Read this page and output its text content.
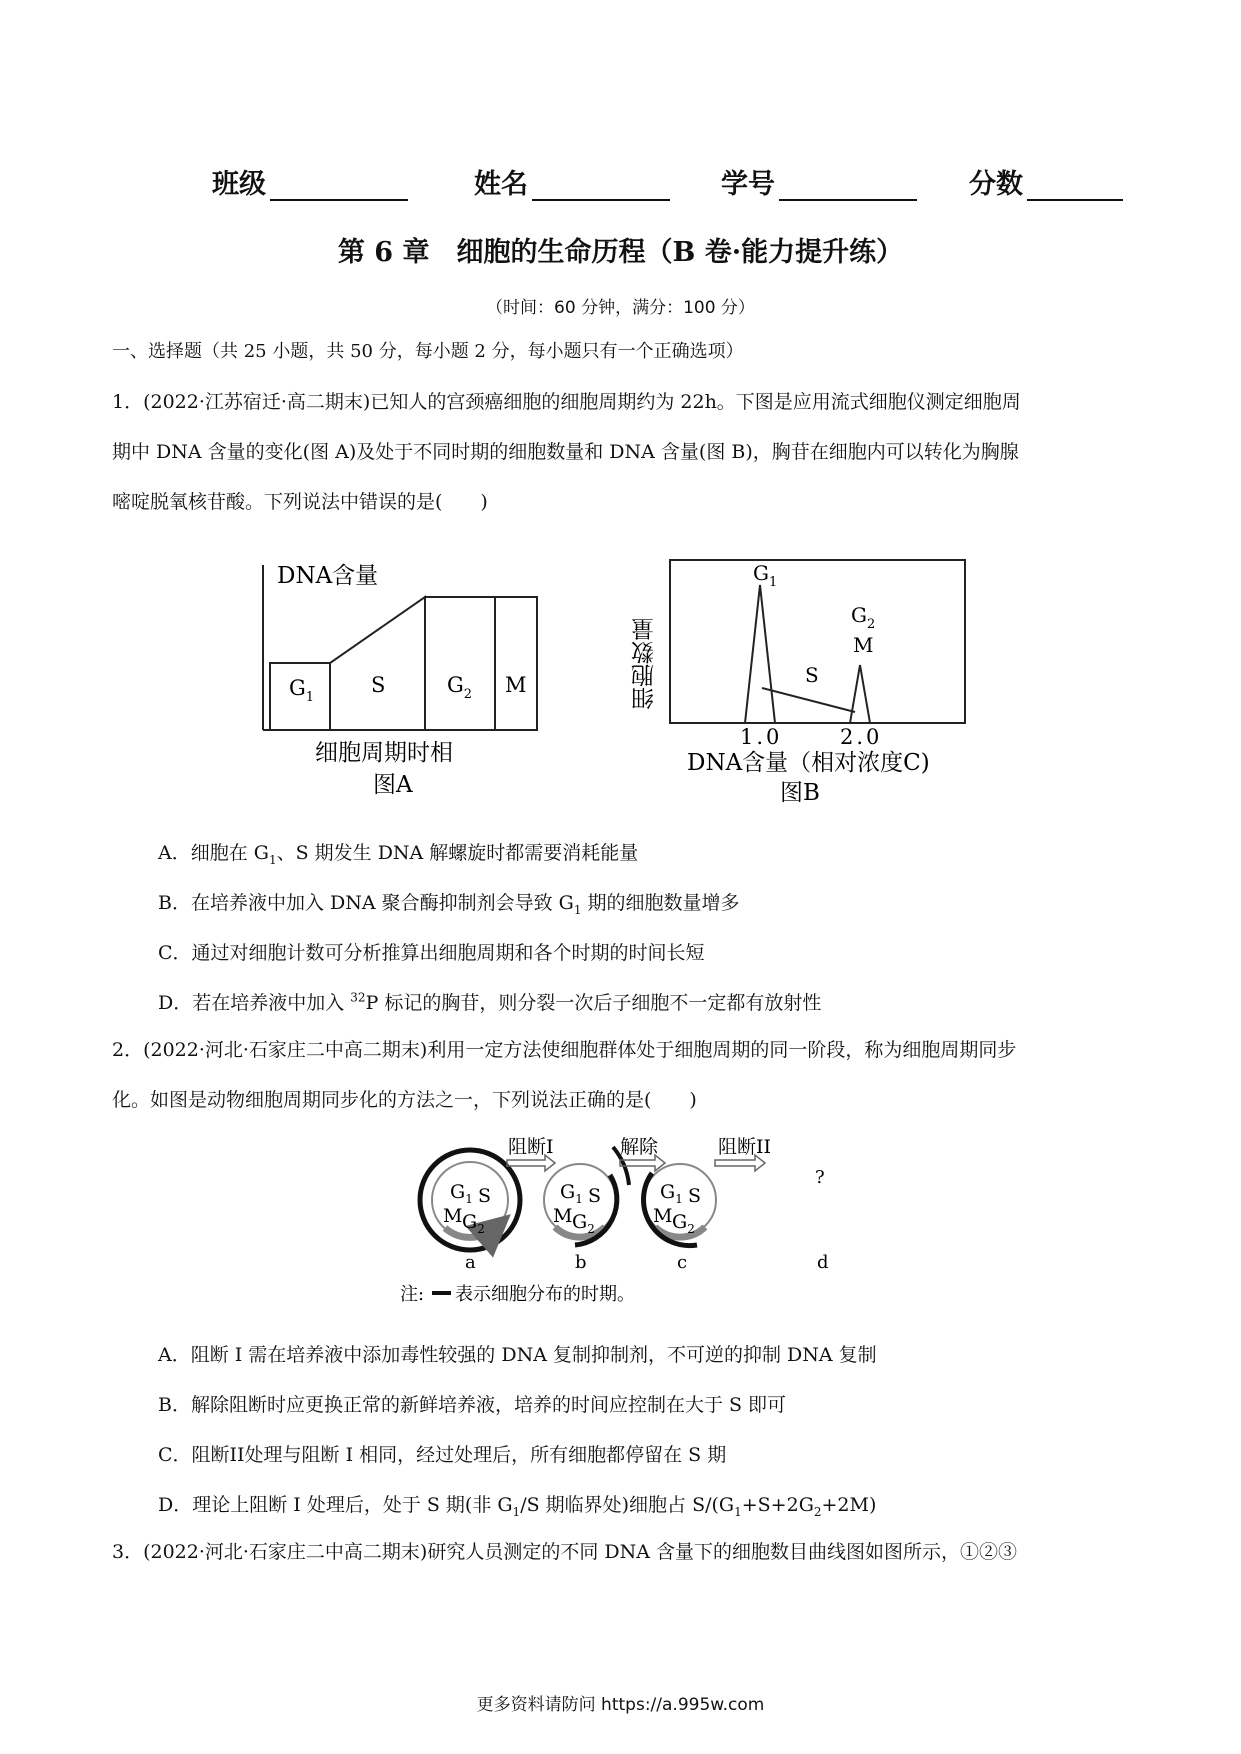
班级	姓名	学号	分数
第 6 章　细胞的生命历程（B 卷·能力提升练）
（时间：60 分钟，满分：100 分）
一、选择题（共 25 小题，共 50 分，每小题 2 分，每小题只有一个正确选项）
1．(2022·江苏宿迁·高二期末)已知人的宫颈癌细胞的细胞周期约为 22h。下图是应用流式细胞仪测定细胞周
期中 DNA 含量的变化(图 A)及处于不同时期的细胞数量和 DNA 含量(图 B)，胸苷在细胞内可以转化为胸腺
嘧啶脱氧核苷酸。下列说法中错误的是(　　)
DNA含量
$G_1$
S	$G_2$ M
细胞周期时相
图A
细胞数量
$G_1$
$G_2$
M
S
1.0	2.0
DNA含量（相对浓度C)
图B
A．细胞在 $G_1$、S 期发生 DNA 解螺旋时都需要消耗能量
B．在培养液中加入 DNA 聚合酶抑制剂会导致 $G_1$ 期的细胞数量增多
C．通过对细胞计数可分析推算出细胞周期和各个时期的时间长短
D．若在培养液中加入 $^{32}$P 标记的胸苷，则分裂一次后子细胞不一定都有放射性
2．(2022·河北·石家庄二中高二期末)利用一定方法使细胞群体处于细胞周期的同一阶段，称为细胞周期同步
化。如图是动物细胞周期同步化的方法之一，下列说法正确的是(　　)
$G_1$ S
M $G_2$
$G_1$ S
M $G_2$
$G_1$ S
M $G_2$
阻断I	解除	阻断II
?
a	b	c	d
注: 表示细胞分布的时期。
A．阻断 I 需在培养液中添加毒性较强的 DNA 复制抑制剂，不可逆的抑制 DNA 复制
B．解除阻断时应更换正常的新鲜培养液，培养的时间应控制在大于 S 即可
C．阻断II处理与阻断 I 相同，经过处理后，所有细胞都停留在 S 期
D．理论上阻断 I 处理后，处于 S 期(非 $G_1/S$ 期临界处)细胞占 $S/(G_1+S+2G_2+2M)$
3．(2022·河北·石家庄二中高二期末)研究人员测定的不同 DNA 含量下的细胞数目曲线图如图所示，①②③
更多资料请防问 https://a.995w.com
